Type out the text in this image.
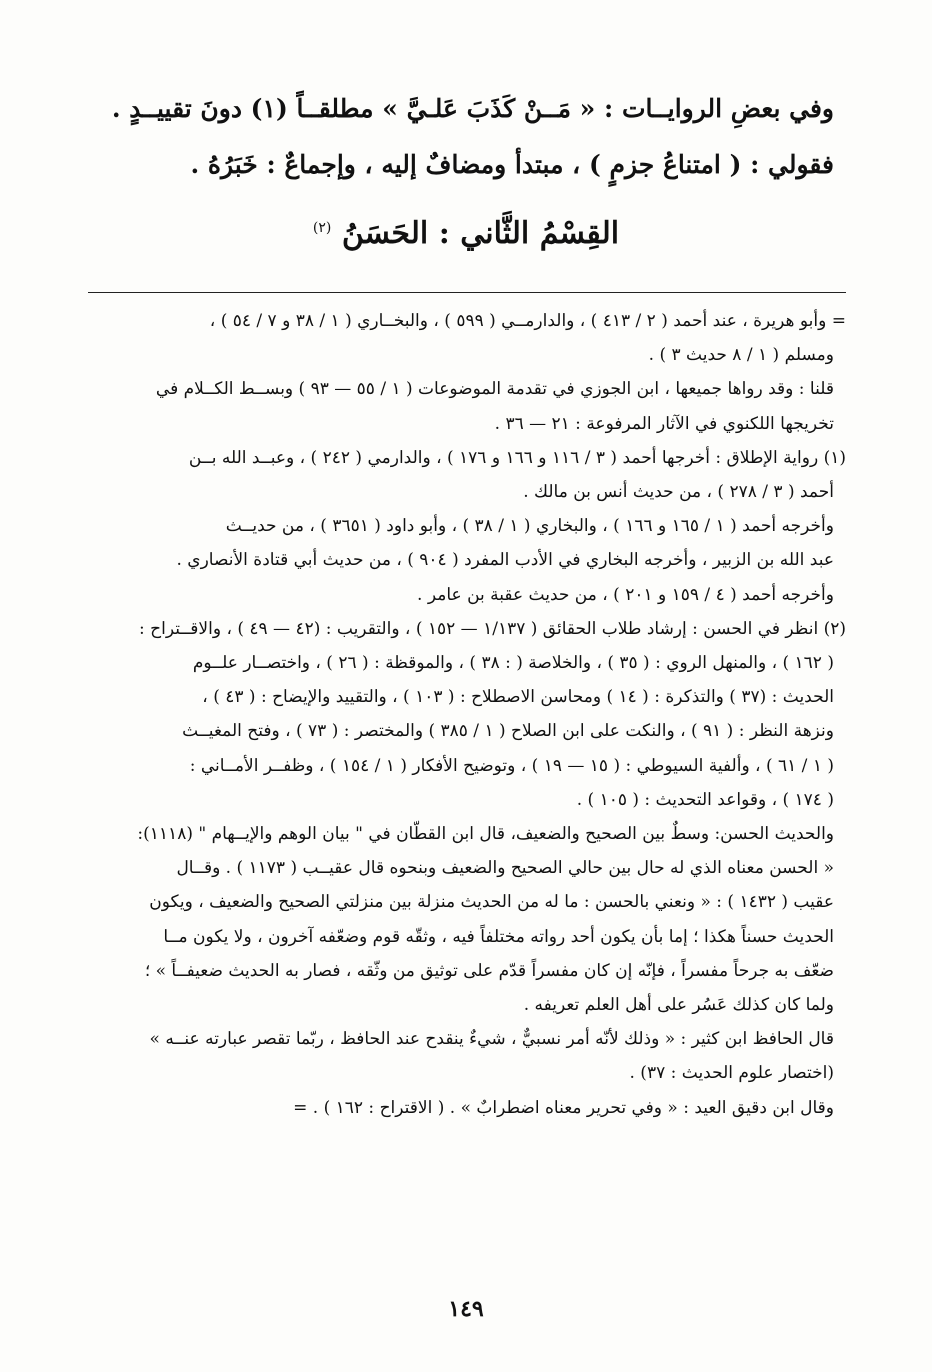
وفي بعضِ الروايــات : « مَــنْ كَذَبَ عَلـيَّ » مطلقــاً (١) دونَ تقييــدٍ .
فقولي : ( امتناعُ جزمٍ ) ، مبتدأ ومضافٌ إليه ، وإجماعٌ : خَبَرُهُ .
القِسْمُ الثَّاني : الحَسَنُ $^{(٢)}$
= وأبو هريرة ، عند أحمد ( ٢ / ٤١٣ ) ، والدارمــي ( ٥٩٩ ) ، والبخــاري ( ١ / ٣٨ و ٧ / ٥٤ ) ،
ومسلم ( ١ / ٨ حديث ٣ ) .
قلنا : وقد رواها جميعها ، ابن الجوزي في تقدمة الموضوعات ( ١ / ٥٥ — ٩٣ ) وبســط الكــلام في
تخريجها اللكنوي في الآثار المرفوعة : ٢١ — ٣٦ .
(١) رواية الإطلاق : أخرجها أحمد ( ٣ / ١١٦ و ١٦٦ و ١٧٦ ) ، والدارمي ( ٢٤٢ ) ، وعبــد الله بــن
أحمد ( ٣ / ٢٧٨ ) ، من حديث أنس بن مالك .
وأخرجه أحمد ( ١ / ١٦٥ و ١٦٦ ) ، والبخاري ( ١ / ٣٨ ) ، وأبو داود ( ٣٦٥١ ) ، من حديــث
عبد الله بن الزبير ، وأخرجه البخاري في الأدب المفرد ( ٩٠٤ ) ، من حديث أبي قتادة الأنصاري .
وأخرجه أحمد ( ٤ / ١٥٩ و ٢٠١ ) ، من حديث عقبة بن عامر .
(٢) انظر في الحسن : إرشاد طلاب الحقائق ( ١/١٣٧ — ١٥٢ ) ، والتقريب : (٤٢ — ٤٩ ) ، والاقــتراح :
( ١٦٢ ) ، والمنهل الروي : ( ٣٥ ) ، والخلاصة ( : ٣٨ ) ، والموقظة : ( ٢٦ ) ، واختصــار علــوم
الحديث : (٣٧ ) والتذكرة : ( ١٤ ) ومحاسن الاصطلاح : ( ١٠٣ ) ، والتقييد والإيضاح : ( ٤٣ ) ،
ونزهة النظر : ( ٩١ ) ، والنكت على ابن الصلاح ( ١ / ٣٨٥ ) والمختصر : ( ٧٣ ) ، وفتح المغيــث
( ١ / ٦١ ) ، وألفية السيوطي : ( ١٥ — ١٩ ) ، وتوضيح الأفكار ( ١ / ١٥٤ ) ، وظفــر الأمــاني :
( ١٧٤ ) ، وقواعد التحديث : ( ١٠٥ ) .
والحديث الحسن: وسطٌ بين الصحيح والضعيف، قال ابن القطّان في " بيان الوهم والإيــهام " (١١١٨):
« الحسن معناه الذي له حال بين حالي الصحيح والضعيف وبنحوه قال عقيــب ( ١١٧٣ ) . وقــال
عقيب ( ١٤٣٢ ) : « ونعني بالحسن : ما له من الحديث منزلة بين منزلتي الصحيح والضعيف ، ويكون
الحديث حسناً هكذا ؛ إما بأن يكون أحد رواته مختلفاً فيه ، وثقّه قوم وضعّفه آخرون ، ولا يكون مــا
ضعّف به جرحاً مفسراً ، فإنّه إن كان مفسراً قدّم على توثيق من وثّقه ، فصار به الحديث ضعيفــاً » ؛
ولما كان كذلك عَسُر على أهل العلم تعريفه .
قال الحافظ ابن كثير : « وذلك لأنّه أمر نسبيٌّ ، شيءٌ ينقدح عند الحافظ ، ربّما تقصر عبارته عنــه »
(اختصار علوم الحديث : ٣٧) .
وقال ابن دقيق العيد : « وفي تحرير معناه اضطرابٌ » . ( الاقتراح : ١٦٢ ) . =
١٤٩
